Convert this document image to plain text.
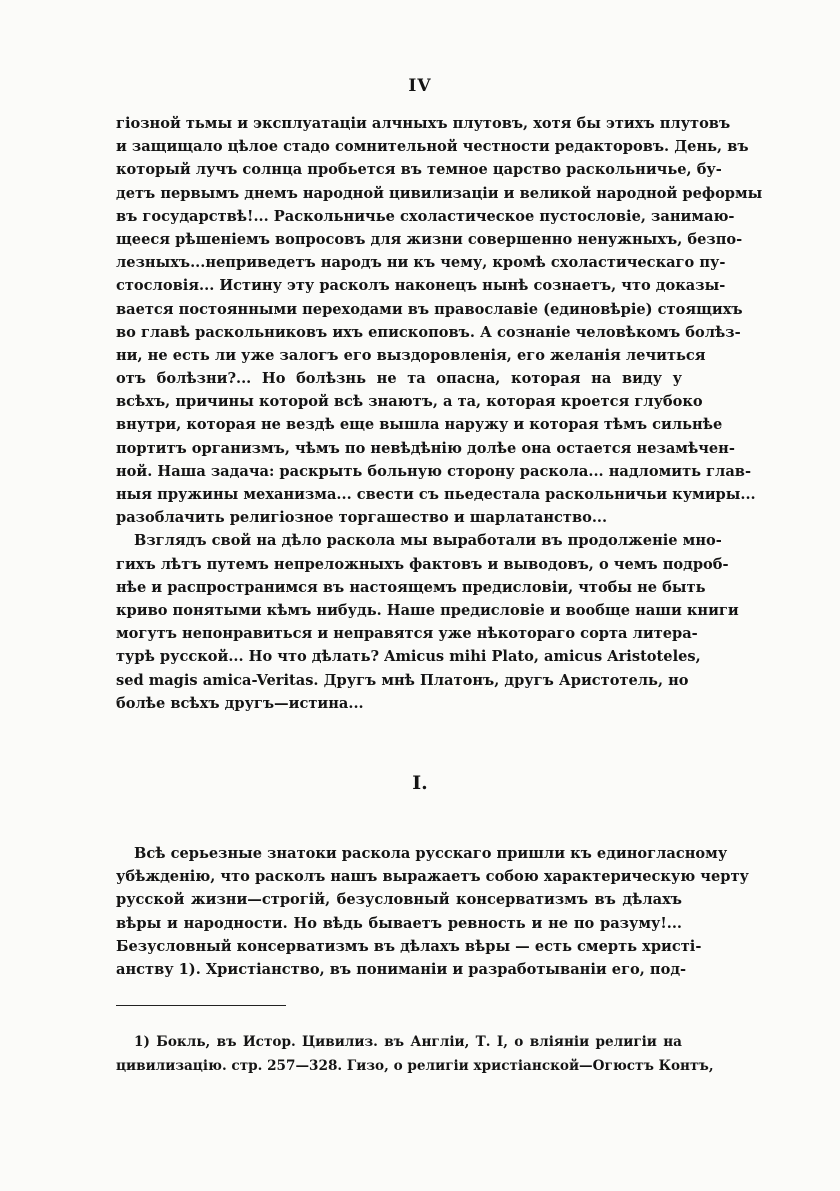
IV
гіозной тьмы и эксплуатаціи алчныхъ плутовъ, хотя бы этихъ плутовъ
и защищало цѣлое стадо сомнительной честности редакторовъ. День, въ
который лучъ солнца пробьется въ темное царство раскольничье, бу-
детъ первымъ днемъ народной цивилизаціи и великой народной реформы
въ государствѣ!... Раскольничье схоластическое пустословіе, занимаю-
щееся рѣшеніемъ вопросовъ для жизни совершенно ненужныхъ, безпо-
лезныхъ...неприведетъ народъ ни къ чему, кромѣ схоластическаго пу-
стословія... Истину эту расколъ наконецъ нынѣ сознаетъ, что доказы-
вается постоянными переходами въ православіе (единовѣріе) стоящихъ
во главѣ раскольниковъ ихъ епископовъ. А сознаніе человѣкомъ болѣз-
ни, не есть ли уже залогъ его выздоровленія, его желанія лечиться
отъ болѣзни?... Но болѣзнь не та опасна, которая на виду у
всѣхъ, причины которой всѣ знаютъ, а та, которая кроется глубоко
внутри, которая не вездѣ еще вышла наружу и которая тѣмъ сильнѣе
портитъ организмъ, чѣмъ по невѣдѣнію долѣе она остается незамѣчен-
ной. Наша задача: раскрыть больную сторону раскола... надломить глав-
ныя пружины механизма... свести съ пьедестала раскольничьи кумиры...
разоблачить религіозное торгашество и шарлатанство...
Взглядъ свой на дѣло раскола мы выработали въ продолженіе мно-
гихъ лѣтъ путемъ непреложныхъ фактовъ и выводовъ, о чемъ подроб-
нѣе и распространимся въ настоящемъ предисловіи, чтобы не быть
криво понятыми кѣмъ нибудь. Наше предисловіе и вообще наши книги
могутъ непонравиться и неправятся уже нѣкотораго сорта литера-
турѣ русской... Но что дѣлать? Amicus mihi Plato, amicus Aristoteles,
sed magis amica-Veritas. Другъ мнѣ Платонъ, другъ Аристотель, но
болѣе всѣхъ другъ—истина...
I.
Всѣ серьезные знатоки раскола русскаго пришли къ единогласному
убѣжденію, что расколъ нашъ выражаетъ собою характерическую черту
русской жизни—строгій, безусловный консерватизмъ въ дѣлахъ
вѣры и народности. Но вѣдь бываетъ ревность и не по разуму!...
Безусловный консерватизмъ въ дѣлахъ вѣры — есть смерть христі-
анству 1). Христіанство, въ пониманіи и разработываніи его, под-
1) Бокль, въ Истор. Цивилиз. въ Англіи, Т. I, о вліяніи религіи на
цивилизацію. стр. 257—328. Гизо, о религіи христіанской—Огюстъ Контъ,
